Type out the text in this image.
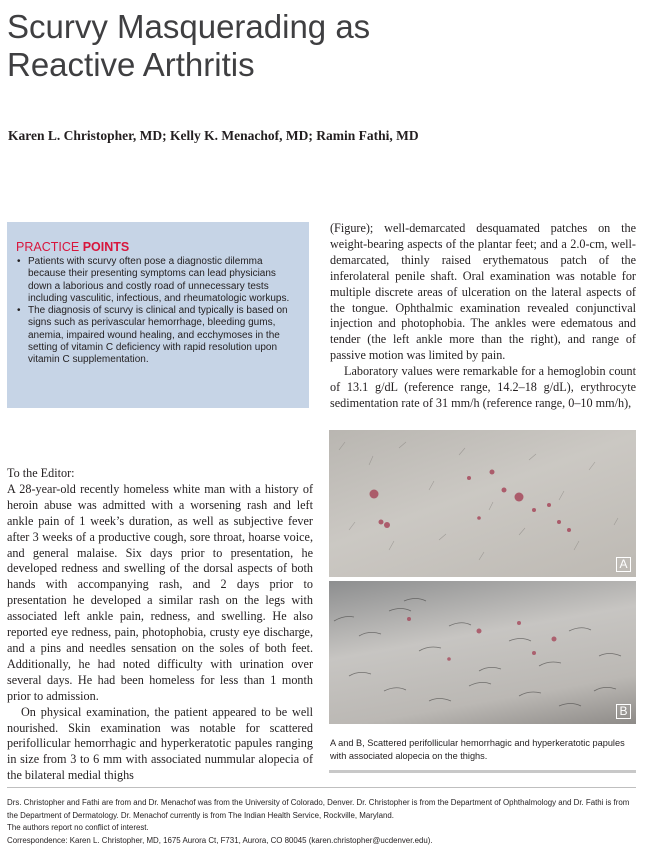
Scurvy Masquerading as
Reactive Arthritis
Karen L. Christopher, MD; Kelly K. Menachof, MD; Ramin Fathi, MD
PRACTICE POINTS
• Patients with scurvy often pose a diagnostic dilemma because their presenting symptoms can lead physicians down a laborious and costly road of unnecessary tests including vasculitic, infectious, and rheumatologic workups.
• The diagnosis of scurvy is clinical and typically is based on signs such as perivascular hemorrhage, bleeding gums, anemia, impaired wound healing, and ecchymoses in the setting of vitamin C deficiency with rapid resolution upon vitamin C supplementation.

(Figure); well-demarcated desquamated patches on the weight-bearing aspects of the plantar feet; and a 2.0-cm, well-demarcated, thinly raised erythematous patch of the inferolateral penile shaft. Oral examination was notable for multiple discrete areas of ulceration on the lateral aspects of the tongue. Ophthalmic examination revealed conjunctival injection and photophobia. The ankles were edematous and tender (the left ankle more than the right), and range of passive motion was limited by pain.

Laboratory values were remarkable for a hemoglobin count of 13.1 g/dL (reference range, 14.2–18 g/dL), erythrocyte sedimentation rate of 31 mm/h (reference range, 0–10 mm/h),

To the Editor:

A 28-year-old recently homeless white man with a history of heroin abuse was admitted with a worsening rash and left ankle pain of 1 week’s duration, as well as subjective fever after 3 weeks of a productive cough, sore throat, hoarse voice, and general malaise. Six days prior to presentation, he developed redness and swelling of the dorsal aspects of both hands with accompanying rash, and 2 days prior to presentation he developed a similar rash on the legs with associated left ankle pain, redness, and swelling. He also reported eye redness, pain, photophobia, crusty eye discharge, and a pins and needles sensation on the soles of both feet. Additionally, he had noted difficulty with urination over several days. He had been homeless for less than 1 month prior to admission.

On physical examination, the patient appeared to be well nourished. Skin examination was notable for scattered perifollicular hemorrhagic and hyperkeratotic papules ranging in size from 3 to 6 mm with associated nummular alopecia of the bilateral medial thighs

A
B
A and B, Scattered perifollicular hemorrhagic and hyperkeratotic papules with associated alopecia on the thighs.

Drs. Christopher and Fathi are from and Dr. Menachof was from the University of Colorado, Denver. Dr. Christopher is from the Department of Ophthalmology and Dr. Fathi is from the Department of Dermatology. Dr. Menachof currently is from The Indian Health Service, Rockville, Maryland.

The authors report no conflict of interest.

Correspondence: Karen L. Christopher, MD, 1675 Aurora Ct, F731, Aurora, CO 80045 (karen.christopher@ucdenver.edu).
